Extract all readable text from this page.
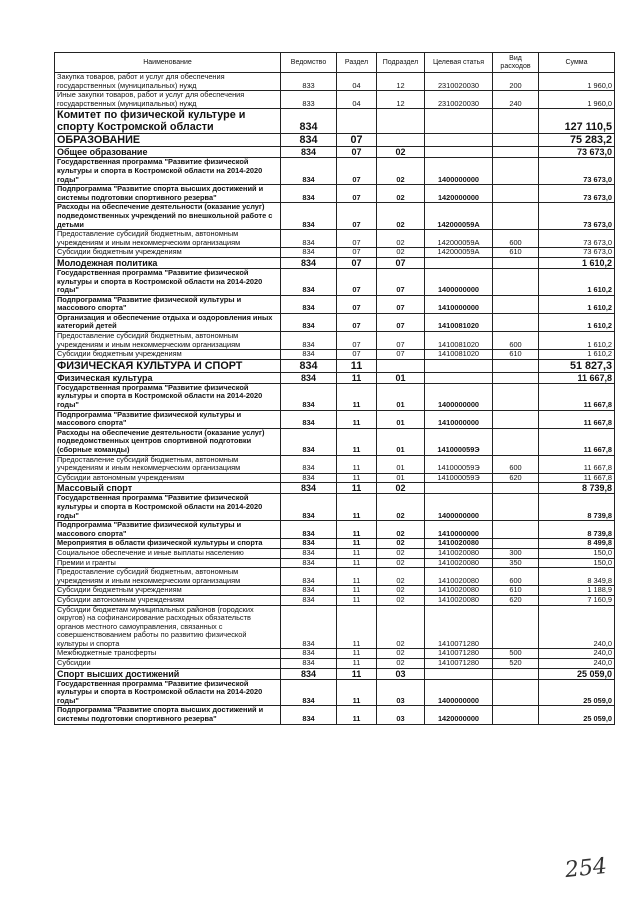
Наименование	Ведомство	Раздел	Подраздел	Целевая статья	Вид расходов	Сумма
Закупка товаров, работ и услуг для обеспечения государственных (муниципальных) нужд	833	04	12	2310020030	200	1 960,0
Иные закупки товаров, работ и услуг для обеспечения государственных (муниципальных) нужд	833	04	12	2310020030	240	1 960,0
Комитет по физической культуре и спорту Костромской области	834					127 110,5
ОБРАЗОВАНИЕ	834	07				75 283,2
Общее образование	834	07	02			73 673,0
Государственная программа "Развитие физической культуры и спорта в Костромской области на 2014-2020 годы"	834	07	02	1400000000		73 673,0
Подпрограмма "Развитие спорта высших достижений и системы подготовки спортивного резерва"	834	07	02	1420000000		73 673,0
Расходы на обеспечение деятельности (оказание услуг) подведомственных учреждений по внешкольной работе с детьми	834	07	02	142000059А		73 673,0
Предоставление субсидий бюджетным, автономным учреждениям и иным некоммерческим организациям	834	07	02	142000059А	600	73 673,0
Субсидии бюджетным учреждениям	834	07	02	142000059А	610	73 673,0
Молодежная политика	834	07	07			1 610,2
Государственная программа "Развитие физической культуры и спорта в Костромской области на 2014-2020 годы"	834	07	07	1400000000		1 610,2
Подпрограмма "Развитие физической культуры и массового спорта"	834	07	07	1410000000		1 610,2
Организация и обеспечение отдыха и оздоровления иных категорий детей	834	07	07	1410081020		1 610,2
Предоставление субсидий бюджетным, автономным учреждениям и иным некоммерческим организациям	834	07	07	1410081020	600	1 610,2
Субсидии бюджетным учреждениям	834	07	07	1410081020	610	1 610,2
ФИЗИЧЕСКАЯ КУЛЬТУРА И СПОРТ	834	11				51 827,3
Физическая культура	834	11	01			11 667,8
Государственная программа "Развитие физической культуры и спорта в Костромской области на 2014-2020 годы"	834	11	01	1400000000		11 667,8
Подпрограмма "Развитие физической культуры и массового спорта"	834	11	01	1410000000		11 667,8
Расходы на обеспечение деятельности (оказание услуг) подведомственных центров спортивной подготовки (сборные команды)	834	11	01	141000059Э		11 667,8
Предоставление субсидий бюджетным, автономным учреждениям и иным некоммерческим организациям	834	11	01	141000059Э	600	11 667,8
Субсидии автономным учреждениям	834	11	01	141000059Э	620	11 667,8
Массовый спорт	834	11	02			8 739,8
Государственная программа "Развитие физической культуры и спорта в Костромской области на 2014-2020 годы"	834	11	02	1400000000		8 739,8
Подпрограмма "Развитие физической культуры и массового спорта"	834	11	02	1410000000		8 739,8
Мероприятия в области физической культуры и спорта	834	11	02	1410020080		8 499,8
Социальное обеспечение и иные выплаты населению	834	11	02	1410020080	300	150,0
Премии и гранты	834	11	02	1410020080	350	150,0
Предоставление субсидий бюджетным, автономным учреждениям и иным некоммерческим организациям	834	11	02	1410020080	600	8 349,8
Субсидии бюджетным учреждениям	834	11	02	1410020080	610	1 188,9
Субсидии автономным учреждениям	834	11	02	1410020080	620	7 160,9
Субсидии бюджетам муниципальных районов (городских округов) на софинансирование расходных обязательств органов местного самоуправления, связанных с совершенствованием работы по развитию физической культуры и спорта	834	11	02	1410071280		240,0
Межбюджетные трансферты	834	11	02	1410071280	500	240,0
Субсидии	834	11	02	1410071280	520	240,0
Спорт высших достижений	834	11	03			25 059,0
Государственная программа "Развитие физической культуры и спорта в Костромской области на 2014-2020 годы"	834	11	03	1400000000		25 059,0
Подпрограмма "Развитие спорта высших достижений и системы подготовки спортивного резерва"	834	11	03	1420000000		25 059,0
254
